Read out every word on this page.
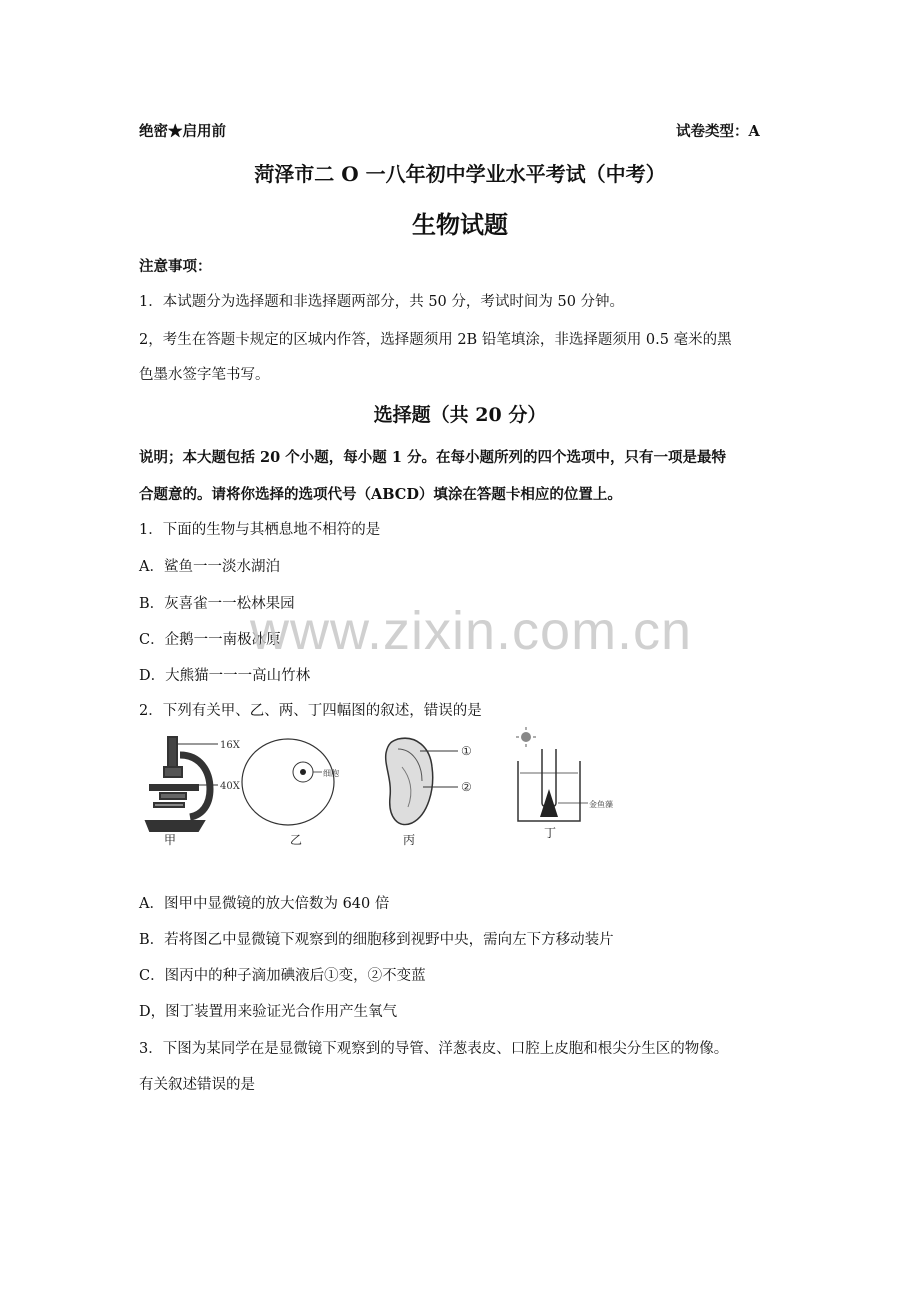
绝密★启用前	试卷类型：A
菏泽市二 O 一八年初中学业水平考试（中考）
生物试题
注意事项：
1．本试题分为选择题和非选择题两部分，共 50 分，考试时间为 50 分钟。
2，考生在答题卡规定的区城内作答，选择题须用 2B 铅笔填涂，非选择题须用 0.5 毫米的黑
色墨水签字笔书写。
选择题（共 20 分）
说明；本大题包括 20 个小题，每小题 1 分。在每小题所列的四个选项中，只有一项是最特
合题意的。请将你选择的选项代号（ABCD）填涂在答题卡相应的位置上。
1．下面的生物与其栖息地不相符的是
A．鲨鱼一一淡水湖泊
B．灰喜雀一一松林果园
C．企鹅一一南极冰原
D．大熊猫一一一高山竹林
2．下列有关甲、乙、两、丁四幅图的叙述，错误的是
16X
40X
甲
细胞
乙
①
②
丙
金鱼藻
丁
A．图甲中显微镜的放大倍数为 640 倍
B．若将图乙中显微镜下观察到的细胞移到视野中央，需向左下方移动装片
C．图丙中的种子滴加碘液后①变，②不变蓝
D，图丁装置用来验证光合作用产生氧气
3．下图为某同学在是显微镜下观察到的导管、洋葱表皮、口腔上皮胞和根尖分生区的物像。
有关叙述错误的是
www.zixin.com.cn
